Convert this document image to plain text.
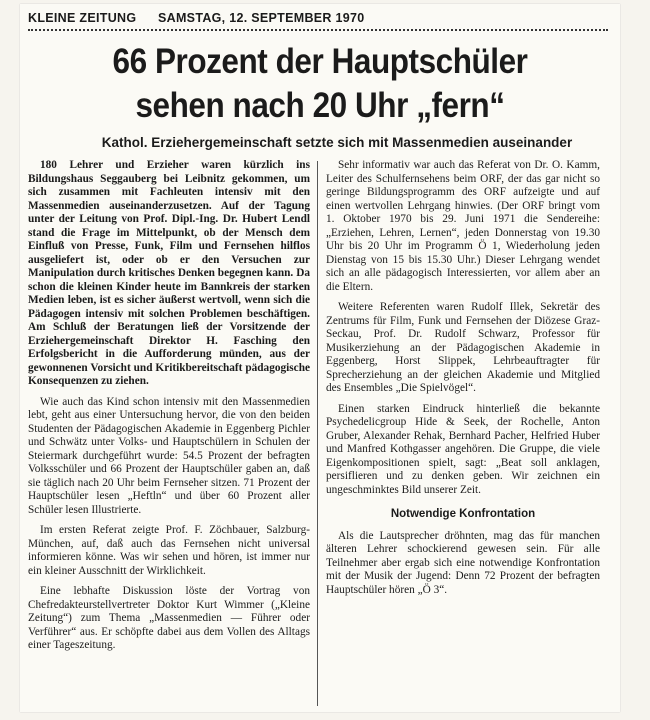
KLEINE ZEITUNG SAMSTAG, 12. SEPTEMBER 1970
66 Prozent der Hauptschüler
sehen nach 20 Uhr „fern“
Kathol. Erziehergemeinschaft setzte sich mit Massenmedien auseinander

180 Lehrer und Erzieher waren kürzlich ins Bildungshaus Seggauberg bei Leibnitz gekommen, um sich zusammen mit Fachleuten intensiv mit den Massenmedien auseinanderzusetzen. Auf der Tagung unter der Leitung von Prof. Dipl.-Ing. Dr. Hubert Lendl stand die Frage im Mittelpunkt, ob der Mensch dem Einfluß von Presse, Funk, Film und Fernsehen hilflos ausgeliefert ist, oder ob er den Versuchen zur Manipulation durch kritisches Denken begegnen kann. Da schon die kleinen Kinder heute im Bannkreis der starken Medien leben, ist es sicher äußerst wertvoll, wenn sich die Pädagogen intensiv mit solchen Problemen beschäftigen. Am Schluß der Beratungen ließ der Vorsitzende der Erziehergemeinschaft Direktor H. Fasching den Erfolgsbericht in die Aufforderung münden, aus der gewonnenen Vorsicht und Kritikbereitschaft pädagogische Konsequenzen zu ziehen.

Wie auch das Kind schon intensiv mit den Massenmedien lebt, geht aus einer Untersuchung hervor, die von den beiden Studenten der Pädagogischen Akademie in Eggenberg Pichler und Schwätz unter Volks- und Hauptschülern in Schulen der Steiermark durchgeführt wurde: 54.5 Prozent der befragten Volksschüler und 66 Prozent der Hauptschüler gaben an, daß sie täglich nach 20 Uhr beim Fernseher sitzen. 71 Prozent der Hauptschüler lesen „Heftln“ und über 60 Prozent aller Schüler lesen Illustrierte.

Im ersten Referat zeigte Prof. F. Zöchbauer, Salzburg-München, auf, daß auch das Fernsehen nicht universal informieren könne. Was wir sehen und hören, ist immer nur ein kleiner Ausschnitt der Wirklichkeit.

Eine lebhafte Diskussion löste der Vortrag von Chefredakteurstellvertreter Doktor Kurt Wimmer („Kleine Zeitung“) zum Thema „Massenmedien — Führer oder Verführer“ aus. Er schöpfte dabei aus dem Vollen des Alltags einer Tageszeitung.

Sehr informativ war auch das Referat von Dr. O. Kamm, Leiter des Schulfernsehens beim ORF, der das gar nicht so geringe Bildungsprogramm des ORF aufzeigte und auf einen wertvollen Lehrgang hinwies. (Der ORF bringt vom 1. Oktober 1970 bis 29. Juni 1971 die Sendereihe: „Erziehen, Lehren, Lernen“, jeden Donnerstag von 19.30 Uhr bis 20 Uhr im Programm Ö 1, Wiederholung jeden Dienstag von 15 bis 15.30 Uhr.) Dieser Lehrgang wendet sich an alle pädagogisch Interessierten, vor allem aber an die Eltern.

Weitere Referenten waren Rudolf Illek, Sekretär des Zentrums für Film, Funk und Fernsehen der Diözese Graz-Seckau, Prof. Dr. Rudolf Schwarz, Professor für Musikerziehung an der Pädagogischen Akademie in Eggenberg, Horst Slippek, Lehrbeauftragter für Sprecherziehung an der gleichen Akademie und Mitglied des Ensembles „Die Spielvögel“.

Einen starken Eindruck hinterließ die bekannte Psychedelicgroup Hide & Seek, der Rochelle, Anton Gruber, Alexander Rehak, Bernhard Pacher, Helfried Huber und Manfred Kothgasser angehören. Die Gruppe, die viele Eigenkompositionen spielt, sagt: „Beat soll anklagen, persiflieren und zu denken geben. Wir zeichnen ein ungeschminktes Bild unserer Zeit.

Notwendige Konfrontation

Als die Lautsprecher dröhnten, mag das für manchen älteren Lehrer schockierend gewesen sein. Für alle Teilnehmer aber ergab sich eine notwendige Konfrontation mit der Musik der Jugend: Denn 72 Prozent der befragten Hauptschüler hören „Ö 3“.
